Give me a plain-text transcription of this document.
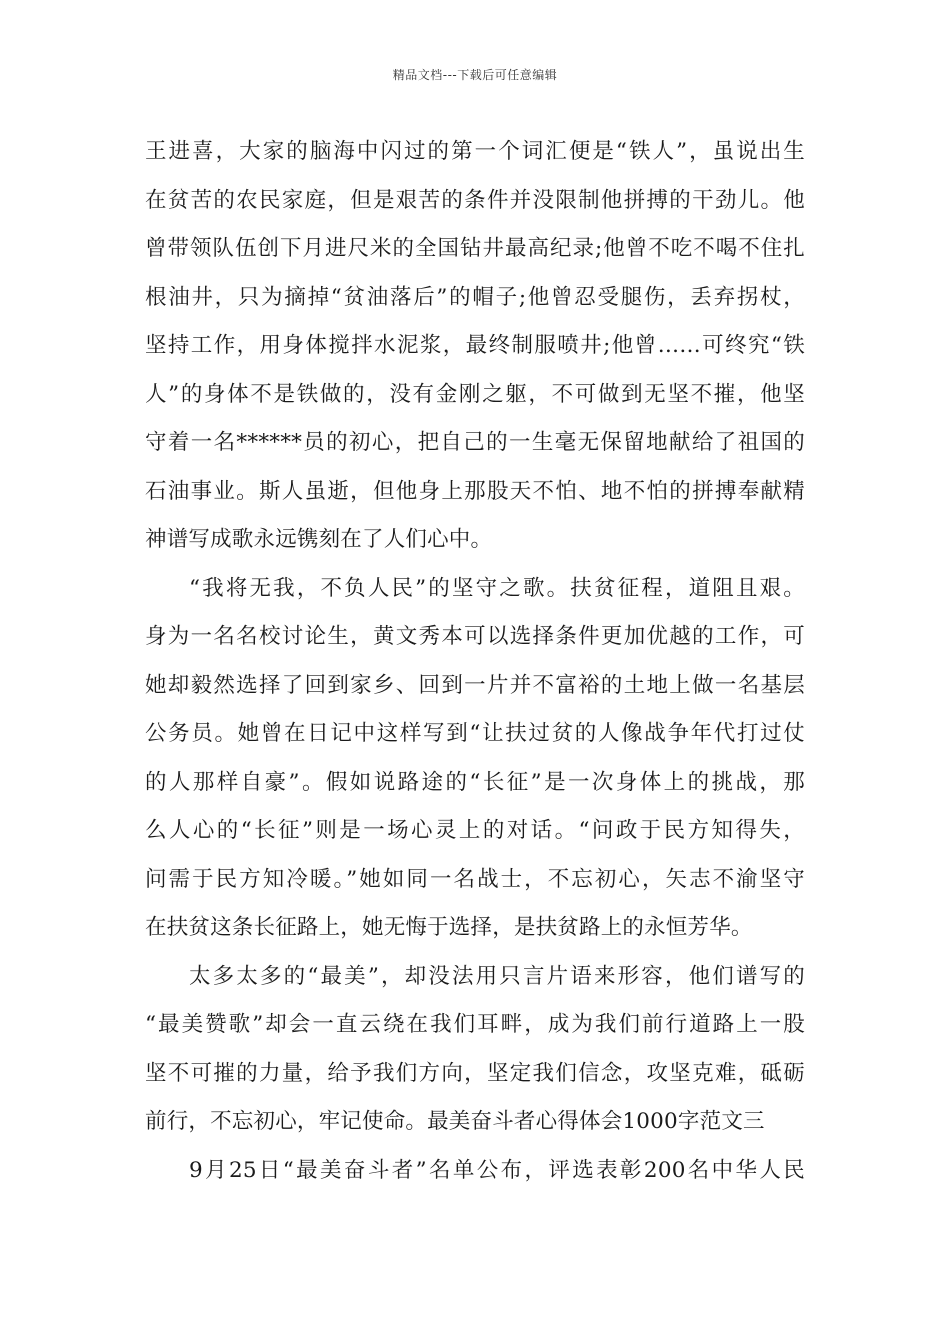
精品文档---下载后可任意编辑
王进喜，大家的脑海中闪过的第一个词汇便是“铁人”，虽说出生
在贫苦的农民家庭，但是艰苦的条件并没限制他拼搏的干劲儿。他
曾带领队伍创下月进尺米的全国钻井最高纪录;他曾不吃不喝不住扎
根油井，只为摘掉“贫油落后”的帽子;他曾忍受腿伤，丢弃拐杖，
坚持工作，用身体搅拌水泥浆，最终制服喷井;他曾……可终究“铁
人”的身体不是铁做的，没有金刚之躯，不可做到无坚不摧，他坚
守着一名******员的初心，把自己的一生毫无保留地献给了祖国的
石油事业。斯人虽逝，但他身上那股天不怕、地不怕的拼搏奉献精
神谱写成歌永远镌刻在了人们心中。
“我将无我，不负人民”的坚守之歌。扶贫征程，道阻且艰。
身为一名名校讨论生，黄文秀本可以选择条件更加优越的工作，可
她却毅然选择了回到家乡、回到一片并不富裕的土地上做一名基层
公务员。她曾在日记中这样写到“让扶过贫的人像战争年代打过仗
的人那样自豪”。假如说路途的“长征”是一次身体上的挑战，那
么人心的“长征”则是一场心灵上的对话。“问政于民方知得失，
问需于民方知冷暖。”她如同一名战士，不忘初心，矢志不渝坚守
在扶贫这条长征路上，她无悔于选择，是扶贫路上的永恒芳华。
太多太多的“最美”，却没法用只言片语来形容，他们谱写的
“最美赞歌”却会一直云绕在我们耳畔，成为我们前行道路上一股
坚不可摧的力量，给予我们方向，坚定我们信念，攻坚克难，砥砺
前行，不忘初心，牢记使命。最美奋斗者心得体会1000字范文三
9月25日“最美奋斗者”名单公布，评选表彰200名中华人民
